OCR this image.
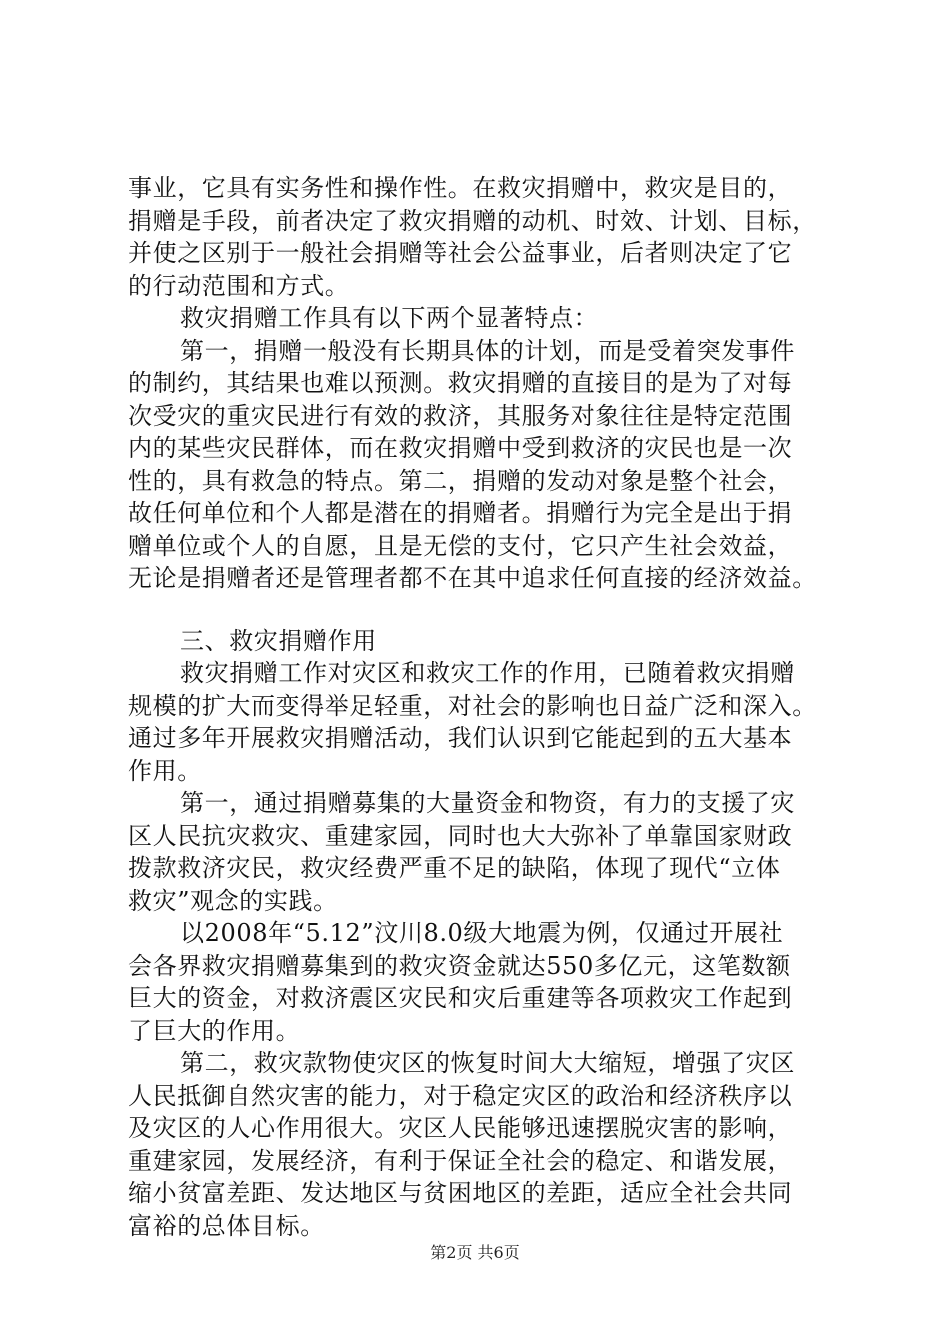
事业，它具有实务性和操作性。在救灾捐赠中，救灾是目的，
捐赠是手段，前者决定了救灾捐赠的动机、时效、计划、目标，
并使之区别于一般社会捐赠等社会公益事业，后者则决定了它
的行动范围和方式。
救灾捐赠工作具有以下两个显著特点：
第一，捐赠一般没有长期具体的计划，而是受着突发事件
的制约，其结果也难以预测。救灾捐赠的直接目的是为了对每
次受灾的重灾民进行有效的救济，其服务对象往往是特定范围
内的某些灾民群体，而在救灾捐赠中受到救济的灾民也是一次
性的，具有救急的特点。第二，捐赠的发动对象是整个社会，
故任何单位和个人都是潜在的捐赠者。捐赠行为完全是出于捐
赠单位或个人的自愿，且是无偿的支付，它只产生社会效益，
无论是捐赠者还是管理者都不在其中追求任何直接的经济效益。
三、救灾捐赠作用
救灾捐赠工作对灾区和救灾工作的作用，已随着救灾捐赠
规模的扩大而变得举足轻重，对社会的影响也日益广泛和深入。
通过多年开展救灾捐赠活动，我们认识到它能起到的五大基本
作用。
第一，通过捐赠募集的大量资金和物资，有力的支援了灾
区人民抗灾救灾、重建家园，同时也大大弥补了单靠国家财政
拨款救济灾民，救灾经费严重不足的缺陷，体现了现代“立体
救灾”观念的实践。
以2008年“5.12”汶川8.0级大地震为例，仅通过开展社
会各界救灾捐赠募集到的救灾资金就达550多亿元，这笔数额
巨大的资金，对救济震区灾民和灾后重建等各项救灾工作起到
了巨大的作用。
第二，救灾款物使灾区的恢复时间大大缩短，增强了灾区
人民抵御自然灾害的能力，对于稳定灾区的政治和经济秩序以
及灾区的人心作用很大。灾区人民能够迅速摆脱灾害的影响，
重建家园，发展经济，有利于保证全社会的稳定、和谐发展，
缩小贫富差距、发达地区与贫困地区的差距，适应全社会共同
富裕的总体目标。
第2页 共6页
